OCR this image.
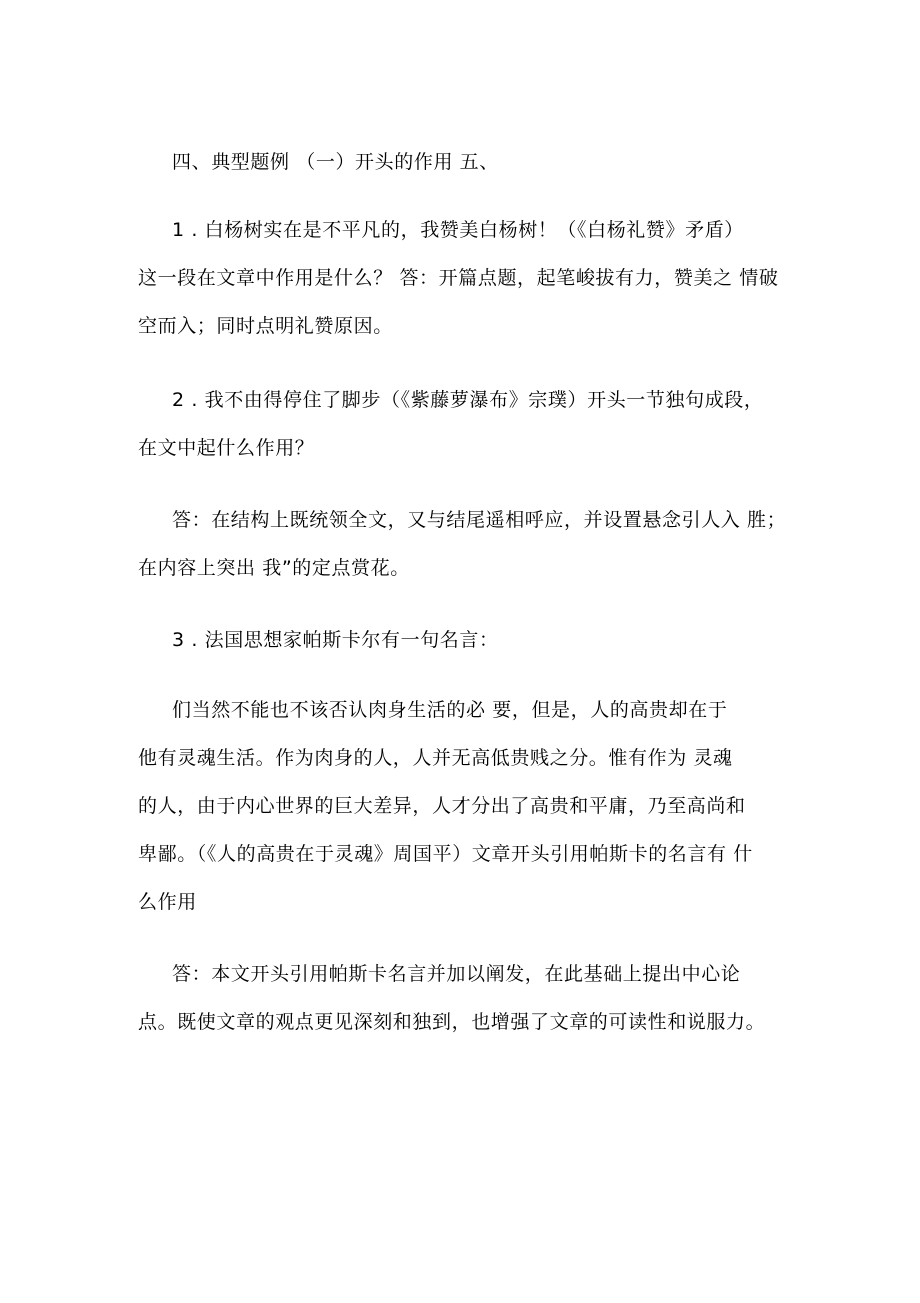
四、典型题例 （一）开头的作用 五、
1 . 白杨树实在是不平凡的，我赞美白杨树！（《白杨礼赞》矛盾）
这一段在文章中作用是什么？ 答：开篇点题，起笔峻拔有力，赞美之 情破
空而入；同时点明礼赞原因。
2 . 我不由得停住了脚步（《紫藤萝瀑布》宗璞）开头一节独句成段，
在文中起什么作用？
答：在结构上既统领全文，又与结尾遥相呼应，并设置悬念引人入 胜；
在内容上突出 我”的定点赏花。
3 . 法国思想家帕斯卡尔有一句名言：
们当然不能也不该否认肉身生活的必 要，但是，人的高贵却在于
他有灵魂生活。作为肉身的人，人并无高低贵贱之分。惟有作为 灵魂
的人，由于内心世界的巨大差异，人才分出了高贵和平庸，乃至高尚和
卑鄙。（《人的高贵在于灵魂》周国平）文章开头引用帕斯卡的名言有 什
么作用
答：本文开头引用帕斯卡名言并加以阐发，在此基础上提出中心论
点。既使文章的观点更见深刻和独到，也增强了文章的可读性和说服力。
